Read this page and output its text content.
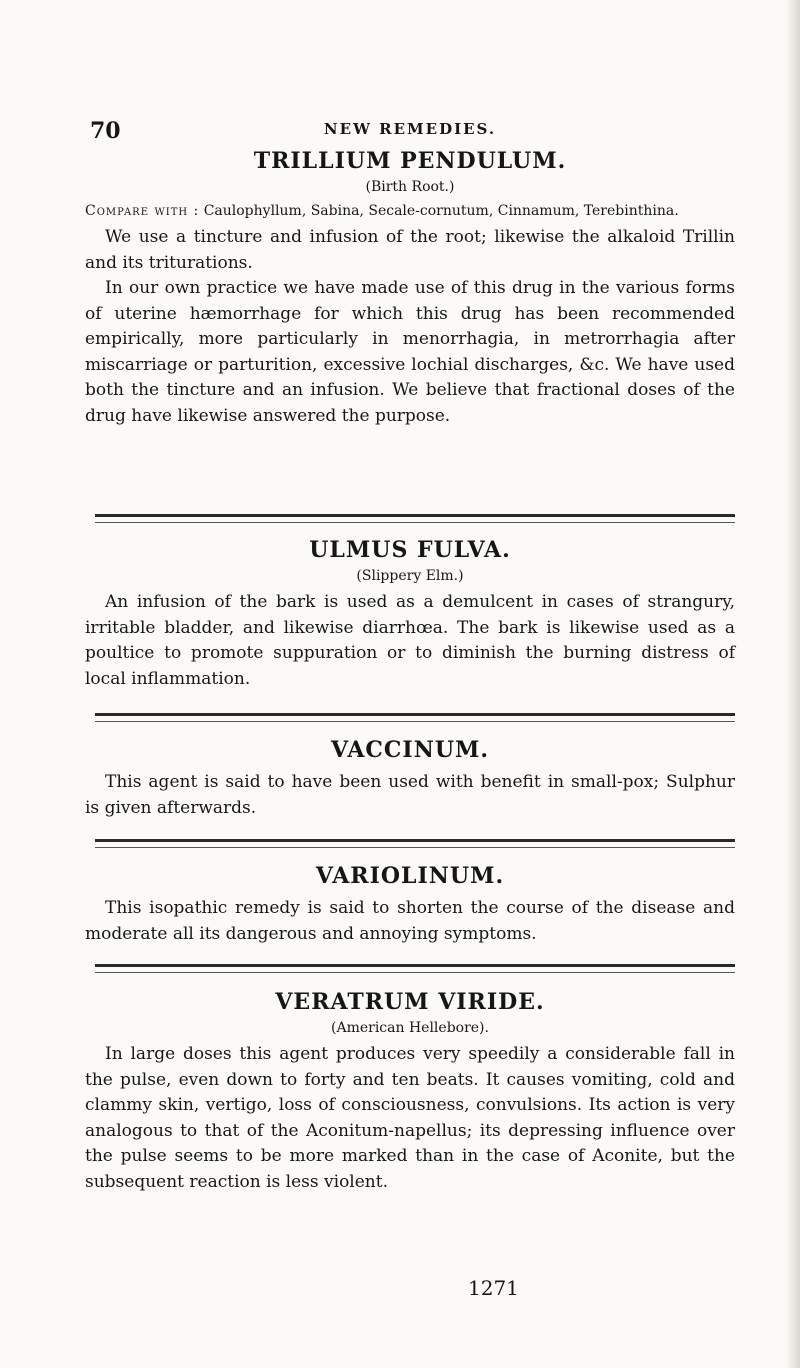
70	NEW REMEDIES.
TRILLIUM PENDULUM.

(Birth Root.)

Compare with : Caulophyllum, Sabina, Secale-cornutum, Cinnamum, Terebinthina.

We use a tincture and infusion of the root; likewise the alkaloid Trillin and its triturations.

In our own practice we have made use of this drug in the various forms of uterine hæmorrhage for which this drug has been recommended empirically, more particularly in menorrhagia, in metrorrhagia after miscarriage or parturition, excessive lochial discharges, &c. We have used both the tincture and an infusion. We believe that fractional doses of the drug have likewise answered the purpose.

ULMUS FULVA.

(Slippery Elm.)

An infusion of the bark is used as a demulcent in cases of strangury, irritable bladder, and likewise diarrhœa. The bark is likewise used as a poultice to promote suppuration or to diminish the burning distress of local inflammation.

VACCINUM.

This agent is said to have been used with benefit in small-pox; Sulphur is given afterwards.

VARIOLINUM.

This isopathic remedy is said to shorten the course of the disease and moderate all its dangerous and annoying symptoms.

VERATRUM VIRIDE.

(American Hellebore).

In large doses this agent produces very speedily a considerable fall in the pulse, even down to forty and ten beats. It causes vomiting, cold and clammy skin, vertigo, loss of consciousness, convulsions. Its action is very analogous to that of the Aconitum-napellus; its depressing influence over the pulse seems to be more marked than in the case of Aconite, but the subsequent reaction is less violent.

1271
